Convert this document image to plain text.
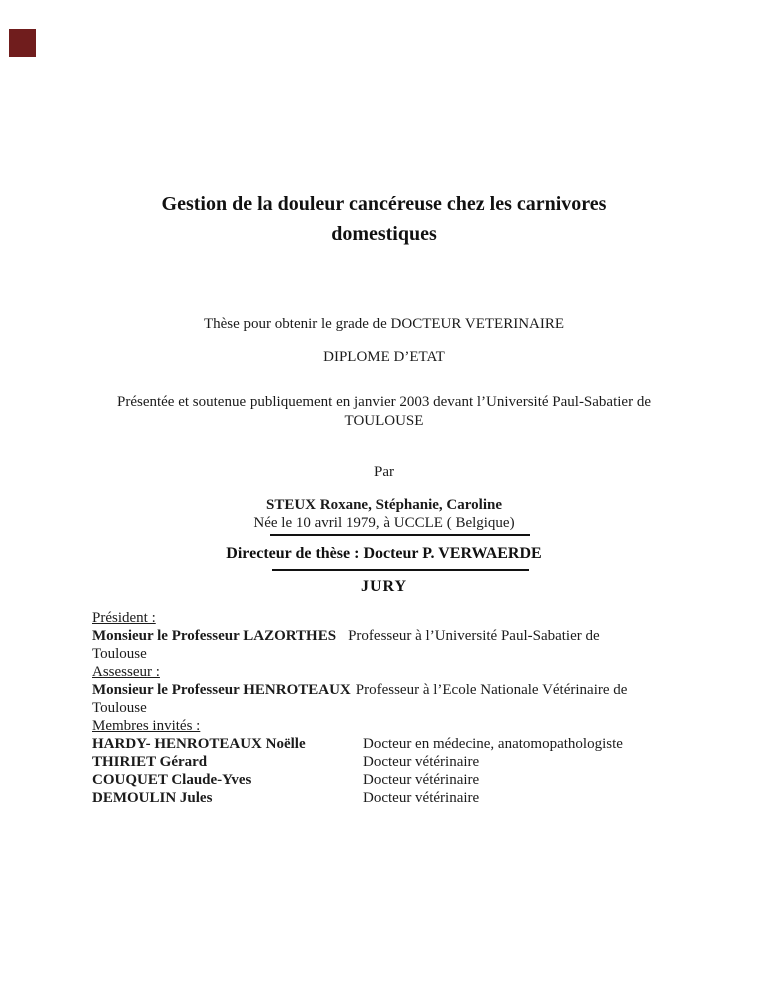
Gestion de la douleur cancéreuse chez les carnivores
domestiques
Thèse pour obtenir le grade de DOCTEUR VETERINAIRE
DIPLOME D’ETAT
Présentée et soutenue publiquement en janvier 2003 devant l’Université Paul-Sabatier de
TOULOUSE
Par
STEUX Roxane, Stéphanie, Caroline
Née le 10 avril 1979, à UCCLE ( Belgique)
Directeur de thèse : Docteur P. VERWAERDE
JURY
Président :
Monsieur le Professeur LAZORTHES Professeur à l’Université Paul-Sabatier de
Toulouse
Assesseur :
Monsieur le Professeur HENROTEAUX Professeur à l’Ecole Nationale Vétérinaire de
Toulouse
Membres invités :
HARDY- HENROTEAUX Noëlle	Docteur en médecine, anatomopathologiste
THIRIET Gérard	Docteur vétérinaire
COUQUET Claude-Yves	Docteur vétérinaire
DEMOULIN Jules	Docteur vétérinaire
